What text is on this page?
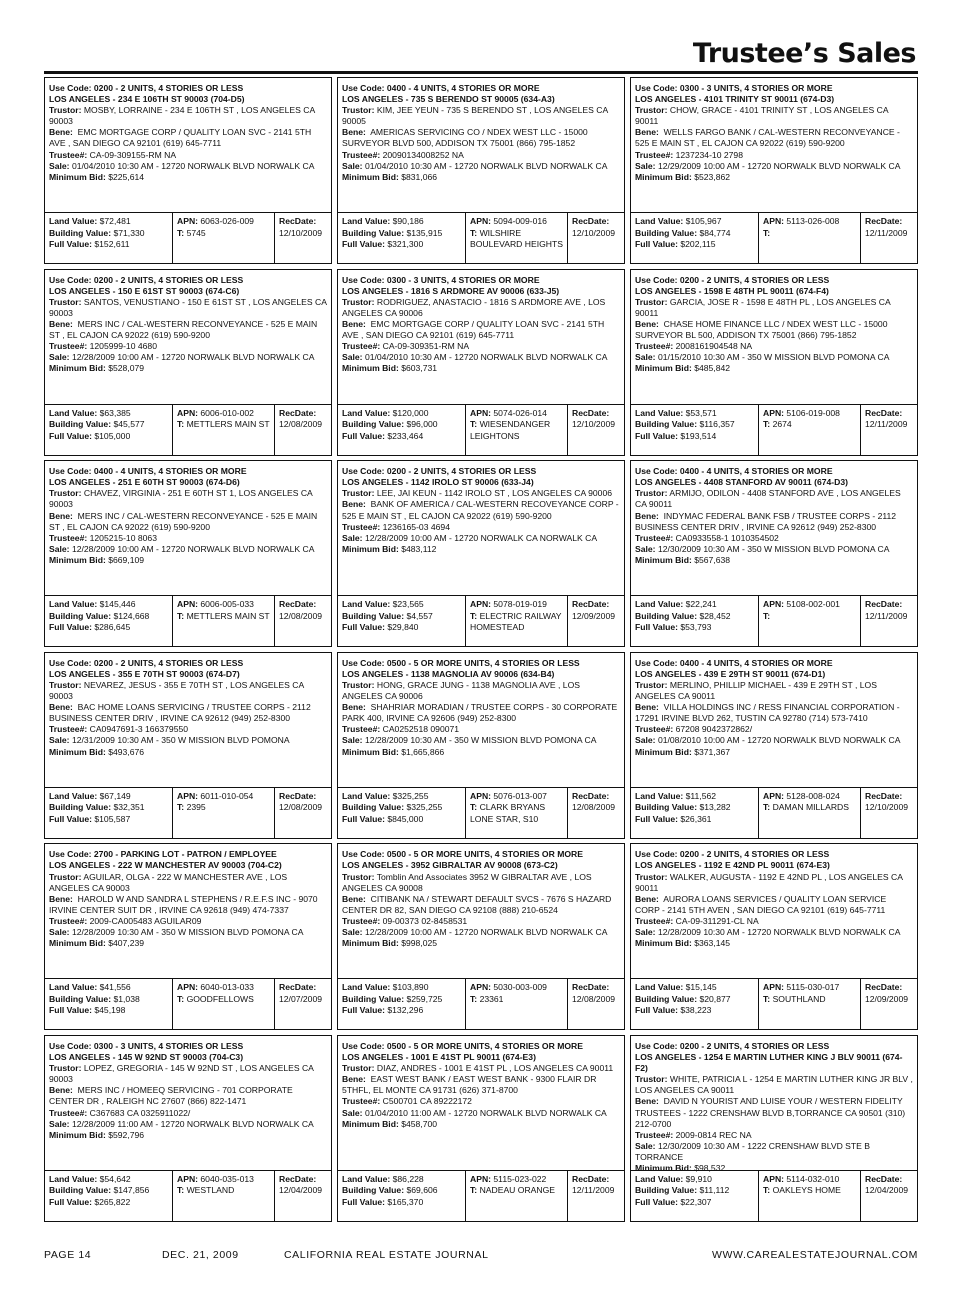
Trustee’s Sales
Use Code: 0200 - 2 UNITS, 4 STORIES OR LESS
LOS ANGELES - 234 E 106TH ST 90003 (704-D5)
Trustor: MOSBY, LORRAINE - 234 E 106TH ST , LOS ANGELES CA 90003
Bene: EMC MORTGAGE CORP / QUALITY LOAN SVC - 2141 5TH AVE , SAN DIEGO CA 92101 (619) 645-7711
Trustee#: CA-09-309155-RM NA
Sale: 01/04/2010 10:30 AM - 12720 NORWALK BLVD NORWALK CA
Minimum Bid: $225,614
Land Value: $72,481
Building Value: $71,330
Full Value: $152,611
APN: 6063-026-009
T: 5745
RecDate:
12/10/2009
Use Code: 0400 - 4 UNITS, 4 STORIES OR MORE
LOS ANGELES - 735 S BERENDO ST 90005 (634-A3)
Trustor: KIM, JEE YEUN - 735 S BERENDO ST , LOS ANGELES CA 90005
Bene: AMERICAS SERVICING CO / NDEX WEST LLC - 15000 SURVEYOR BLVD 500, ADDISON TX 75001 (866) 795-1852
Trustee#: 20090134008252 NA
Sale: 01/04/2010 10:30 AM - 12720 NORWALK BLVD NORWALK CA
Minimum Bid: $831,066
Land Value: $90,186
Building Value: $135,915
Full Value: $321,300
APN: 5094-009-016
T: WILSHIRE BOULEVARD HEIGHTS
RecDate:
12/10/2009
Use Code: 0300 - 3 UNITS, 4 STORIES OR MORE
LOS ANGELES - 4101 TRINITY ST 90011 (674-D3)
Trustor: CHOW, GRACE - 4101 TRINITY ST , LOS ANGELES CA 90011
Bene: WELLS FARGO BANK / CAL-WESTERN RECONVEYANCE - 525 E MAIN ST , EL CAJON CA 92022 (619) 590-9200
Trustee#: 1237234-10 2798
Sale: 12/29/2009 10:00 AM - 12720 NORWALK BLVD NORWALK CA
Minimum Bid: $523,862
Land Value: $105,967
Building Value: $84,774
Full Value: $202,115
APN: 5113-026-008
T:
RecDate:
12/11/2009
Use Code: 0200 - 2 UNITS, 4 STORIES OR LESS
LOS ANGELES - 150 E 61ST ST 90003 (674-C6)
Trustor: SANTOS, VENUSTIANO - 150 E 61ST ST , LOS ANGELES CA 90003
Bene: MERS INC / CAL-WESTERN RECONVEYANCE - 525 E MAIN ST , EL CAJON CA 92022 (619) 590-9200
Trustee#: 1205999-10 4680
Sale: 12/28/2009 10:00 AM - 12720 NORWALK BLVD NORWALK CA
Minimum Bid: $528,079
Land Value: $63,385
Building Value: $45,577
Full Value: $105,000
APN: 6006-010-002
T: METTLERS MAIN ST
RecDate:
12/08/2009
Use Code: 0300 - 3 UNITS, 4 STORIES OR MORE
LOS ANGELES - 1816 S ARDMORE AV 90006 (633-J5)
Trustor: RODRIGUEZ, ANASTACIO - 1816 S ARDMORE AVE , LOS ANGELES CA 90006
Bene: EMC MORTGAGE CORP / QUALITY LOAN SVC - 2141 5TH AVE , SAN DIEGO CA 92101 (619) 645-7711
Trustee#: CA-09-309351-RM NA
Sale: 01/04/2010 10:30 AM - 12720 NORWALK BLVD NORWALK CA
Minimum Bid: $603,731
Land Value: $120,000
Building Value: $96,000
Full Value: $233,464
APN: 5074-026-014
T: WIESENDANGER LEIGHTONS
RecDate:
12/10/2009
Use Code: 0200 - 2 UNITS, 4 STORIES OR LESS
LOS ANGELES - 1598 E 48TH PL 90011 (674-F4)
Trustor: GARCIA, JOSE R - 1598 E 48TH PL , LOS ANGELES CA 90011
Bene: CHASE HOME FINANCE LLC / NDEX WEST LLC - 15000 SURVEYOR BL 500, ADDISON TX 75001 (866) 795-1852
Trustee#: 2008161904548 NA
Sale: 01/15/2010 10:30 AM - 350 W MISSION BLVD POMONA CA
Minimum Bid: $485,842
Land Value: $53,571
Building Value: $116,357
Full Value: $193,514
APN: 5106-019-008
T: 2674
RecDate:
12/11/2009
Use Code: 0400 - 4 UNITS, 4 STORIES OR MORE
LOS ANGELES - 251 E 60TH ST 90003 (674-D6)
Trustor: CHAVEZ, VIRGINIA - 251 E 60TH ST 1, LOS ANGELES CA 90003
Bene: MERS INC / CAL-WESTERN RECONVEYANCE - 525 E MAIN ST , EL CAJON CA 92022 (619) 590-9200
Trustee#: 1205215-10 8063
Sale: 12/28/2009 10:00 AM - 12720 NORWALK BLVD NORWALK CA
Minimum Bid: $669,109
Land Value: $145,446
Building Value: $124,668
Full Value: $286,645
APN: 6006-005-033
T: METTLERS MAIN ST
RecDate:
12/08/2009
Use Code: 0200 - 2 UNITS, 4 STORIES OR LESS
LOS ANGELES - 1142 IROLO ST 90006 (633-J4)
Trustor: LEE, JAI KEUN - 1142 IROLO ST , LOS ANGELES CA 90006
Bene: BANK OF AMERICA / CAL-WESTERN RECOVEYANCE CORP - 525 E MAIN ST , EL CAJON CA 92022 (619) 590-9200
Trustee#: 1236165-03 4694
Sale: 12/28/2009 10:00 AM - 12720 NORWALK CA NORWALK CA
Minimum Bid: $483,112
Land Value: $23,565
Building Value: $4,557
Full Value: $29,840
APN: 5078-019-019
T: ELECTRIC RAILWAY HOMESTEAD
RecDate:
12/09/2009
Use Code: 0400 - 4 UNITS, 4 STORIES OR MORE
LOS ANGELES - 4408 STANFORD AV 90011 (674-D3)
Trustor: ARMIJO, ODILON - 4408 STANFORD AVE , LOS ANGELES CA 90011
Bene: INDYMAC FEDERAL BANK FSB / TRUSTEE CORPS - 2112 BUSINESS CENTER DRIV , IRVINE CA 92612 (949) 252-8300
Trustee#: CA0933558-1 1010354502
Sale: 12/30/2009 10:30 AM - 350 W MISSION BLVD POMONA CA
Minimum Bid: $567,638
Land Value: $22,241
Building Value: $28,452
Full Value: $53,793
APN: 5108-002-001
T:
RecDate:
12/11/2009
Use Code: 0200 - 2 UNITS, 4 STORIES OR LESS
LOS ANGELES - 355 E 70TH ST 90003 (674-D7)
Trustor: NEVAREZ, JESUS - 355 E 70TH ST , LOS ANGELES CA 90003
Bene: BAC HOME LOANS SERVICING / TRUSTEE CORPS - 2112 BUSINESS CENTER DRIV , IRVINE CA 92612 (949) 252-8300
Trustee#: CA0947691-3 166379550
Sale: 12/31/2009 10:30 AM - 350 W MISSION BLVD POMONA
Minimum Bid: $493,676
Land Value: $67,149
Building Value: $32,351
Full Value: $105,587
APN: 6011-010-054
T: 2395
RecDate:
12/08/2009
Use Code: 0500 - 5 OR MORE UNITS, 4 STORIES OR LESS
LOS ANGELES - 1138 MAGNOLIA AV 90006 (634-B4)
Trustor: HONG, GRACE JUNG - 1138 MAGNOLIA AVE , LOS ANGELES CA 90006
Bene: SHAHRIAR MORADIAN / TRUSTEE CORPS - 30 CORPORATE PARK 400, IRVINE CA 92606 (949) 252-8300
Trustee#: CA0252518 090071
Sale: 12/28/2009 10:30 AM - 350 W MISSION BLVD POMONA CA
Minimum Bid: $1,665,866
Land Value: $325,255
Building Value: $325,255
Full Value: $845,000
APN: 5076-013-007
T: CLARK BRYANS LONE STAR, S10
RecDate:
12/08/2009
Use Code: 0400 - 4 UNITS, 4 STORIES OR MORE
LOS ANGELES - 439 E 29TH ST 90011 (674-D1)
Trustor: MERLINO, PHILLIP MICHAEL - 439 E 29TH ST , LOS ANGELES CA 90011
Bene: VILLA HOLDINGS INC / RESS FINANCIAL CORPORATION - 17291 IRVINE BLVD 262, TUSTIN CA 92780 (714) 573-7410
Trustee#: 67208 9042372862/
Sale: 01/08/2010 10:00 AM - 12720 NORWALK BLVD NORWALK CA
Minimum Bid: $371,367
Land Value: $11,562
Building Value: $13,282
Full Value: $26,361
APN: 5128-008-024
T: DAMAN MILLARDS
RecDate:
12/10/2009
Use Code: 2700 - PARKING LOT - PATRON / EMPLOYEE
LOS ANGELES - 222 W MANCHESTER AV 90003 (704-C2)
Trustor: AGUILAR, OLGA - 222 W MANCHESTER AVE , LOS ANGELES CA 90003
Bene: HAROLD W AND SANDRA L STEPHENS / R.E.F.S INC - 9070 IRVINE CENTER SUIT DR , IRVINE CA 92618 (949) 474-7337
Trustee#: 2009-CA005483 AGUILAR09
Sale: 12/28/2009 10:30 AM - 350 W MISSION BLVD POMONA CA
Minimum Bid: $407,239
Land Value: $41,556
Building Value: $1,038
Full Value: $45,198
APN: 6040-013-033
T: GOODFELLOWS
RecDate:
12/07/2009
Use Code: 0500 - 5 OR MORE UNITS, 4 STORIES OR MORE
LOS ANGELES - 3952 GIBRALTAR AV 90008 (673-C2)
Trustor: Tomblin And Associates 3952 W GIBRALTAR AVE , LOS ANGELES CA 90008
Bene: CITIBANK NA / STEWART DEFAULT SVCS - 7676 S HAZARD CENTER DR 82, SAN DIEGO CA 92108 (888) 210-6524
Trustee#: 09-00373 02-8458531
Sale: 12/28/2009 10:00 AM - 12720 NORWALK BLVD NORWALK CA
Minimum Bid: $998,025
Land Value: $103,890
Building Value: $259,725
Full Value: $132,296
APN: 5030-003-009
T: 23361
RecDate:
12/08/2009
Use Code: 0200 - 2 UNITS, 4 STORIES OR LESS
LOS ANGELES - 1192 E 42ND PL 90011 (674-E3)
Trustor: WALKER, AUGUSTA - 1192 E 42ND PL , LOS ANGELES CA 90011
Bene: AURORA LOANS SERVICES / QUALITY LOAN SERVICE CORP - 2141 5TH AVEN , SAN DIEGO CA 92101 (619) 645-7711
Trustee#: CA-09-311291-CL NA
Sale: 12/28/2009 10:30 AM - 12720 NORWALK BLVD NORWALK CA
Minimum Bid: $363,145
Land Value: $15,145
Building Value: $20,877
Full Value: $38,223
APN: 5115-030-017
T: SOUTHLAND
RecDate:
12/09/2009
Use Code: 0300 - 3 UNITS, 4 STORIES OR LESS
LOS ANGELES - 145 W 92ND ST 90003 (704-C3)
Trustor: LOPEZ, GREGORIA - 145 W 92ND ST , LOS ANGELES CA 90003
Bene: MERS INC / HOMEEQ SERVICING - 701 CORPORATE CENTER DR , RALEIGH NC 27607 (866) 822-1471
Trustee#: C367683 CA 0325911022/
Sale: 12/28/2009 11:00 AM - 12720 NORWALK BLVD NORWALK CA
Minimum Bid: $592,796
Land Value: $54,642
Building Value: $147,856
Full Value: $265,822
APN: 6040-035-013
T: WESTLAND
RecDate:
12/04/2009
Use Code: 0500 - 5 OR MORE UNITS, 4 STORIES OR MORE
LOS ANGELES - 1001 E 41ST PL 90011 (674-E3)
Trustor: DIAZ, ANDRES - 1001 E 41ST PL , LOS ANGELES CA 90011
Bene: EAST WEST BANK / EAST WEST BANK - 9300 FLAIR DR 5THFL, EL MONTE CA 91731 (626) 371-8700
Trustee#: C500701 CA 89222172
Sale: 01/04/2010 11:00 AM - 12720 NORWALK BLVD NORWALK CA
Minimum Bid: $458,700
Land Value: $86,228
Building Value: $69,606
Full Value: $165,370
APN: 5115-023-022
T: NADEAU ORANGE
RecDate:
12/11/2009
Use Code: 0200 - 2 UNITS, 4 STORIES OR LESS
LOS ANGELES - 1254 E MARTIN LUTHER KING J BLV 90011 (674-F2)
Trustor: WHITE, PATRICIA L - 1254 E MARTIN LUTHER KING JR BLV , LOS ANGELES CA 90011
Bene: DAVID N YOURIST AND LUISE YOUR / WESTERN FIDELITY TRUSTEES - 1222 CRENSHAW BLVD B,TORRANCE CA 90501 (310) 212-0700
Trustee#: 2009-0814 REC NA
Sale: 12/30/2009 10:30 AM - 1222 CRENSHAW BLVD STE B TORRANCE
Minimum Bid: $98,532
Land Value: $9,910
Building Value: $11,112
Full Value: $22,307
APN: 5114-032-010
T: OAKLEYS HOME
RecDate:
12/04/2009
PAGE 14	DEC. 21, 2009	CALIFORNIA REAL ESTATE JOURNAL	WWW.CAREALESTATEJOURNAL.COM
